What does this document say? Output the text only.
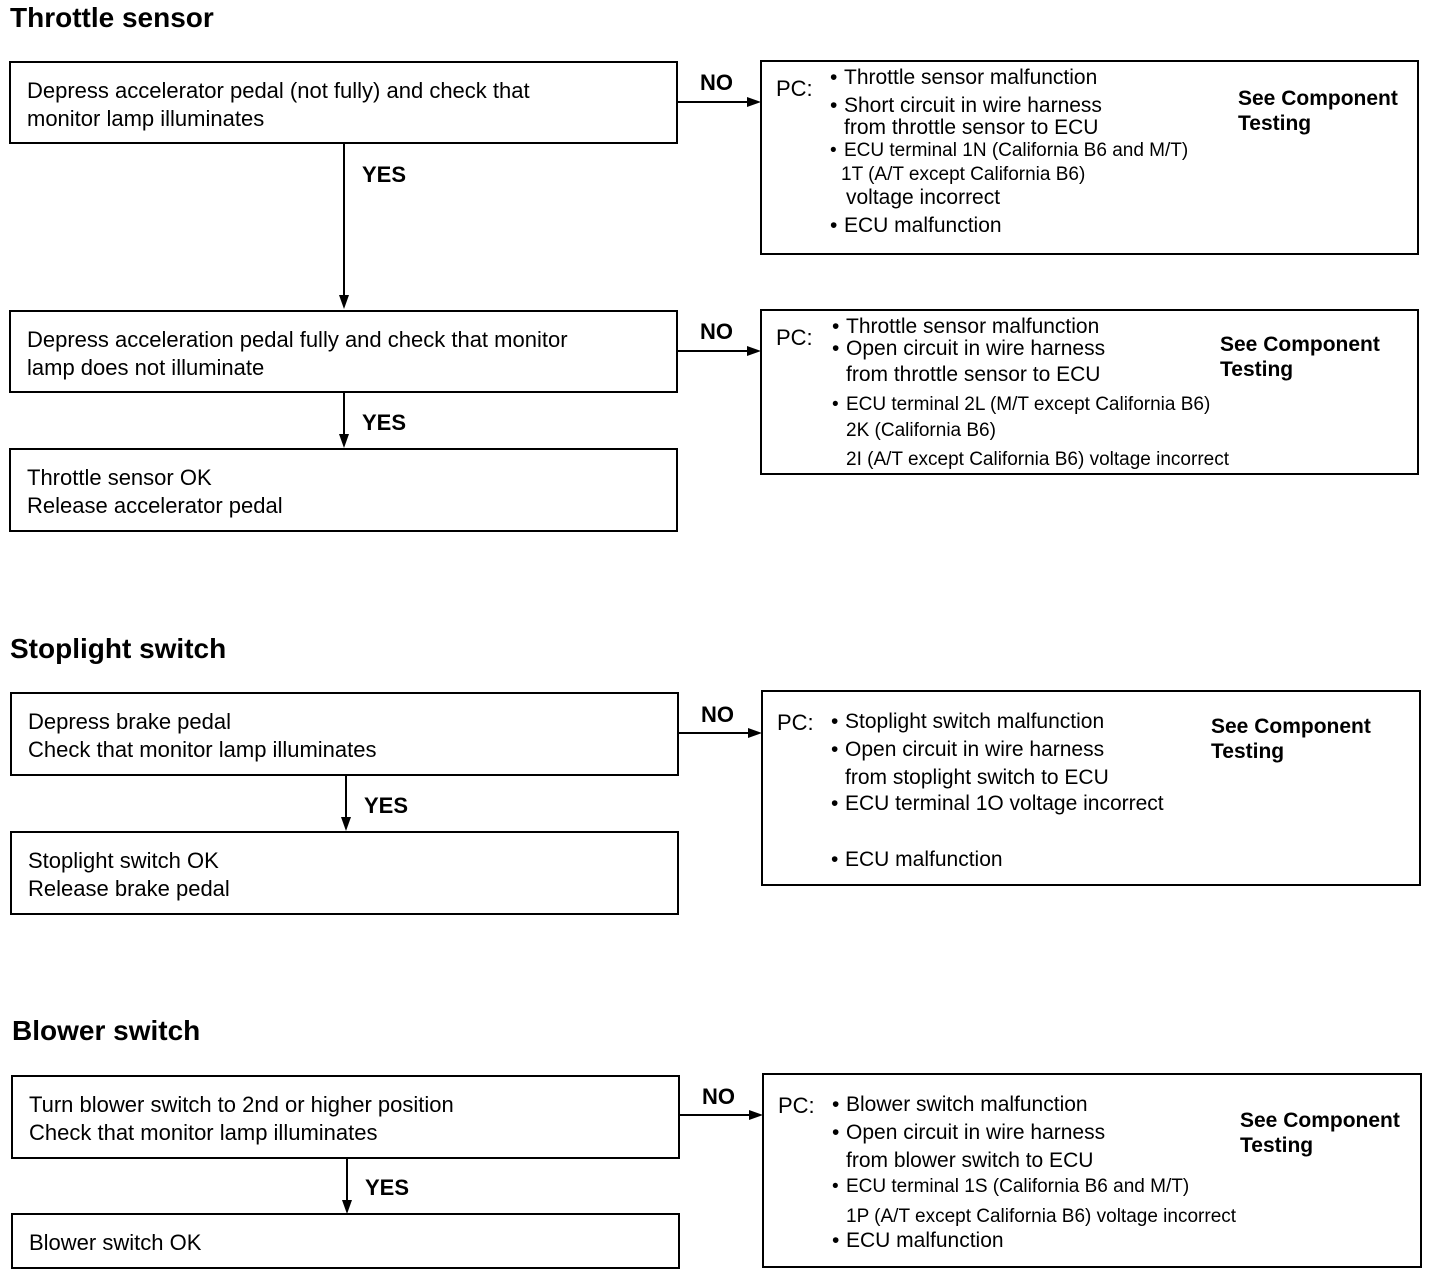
Throttle sensor
Depress accelerator pedal (not fully) and check that
monitor lamp illuminates
NO PC: • Throttle sensor malfunction
• Short circuit in wire harness
from throttle sensor to ECU
• ECU terminal 1N (California B6 and M/T)
1T (A/T except California B6)
voltage incorrect
• ECU malfunction
See Component
Testing
YES
Depress acceleration pedal fully and check that monitor
lamp does not illuminate
NO PC: • Throttle sensor malfunction
• Open circuit in wire harness
from throttle sensor to ECU
• ECU terminal 2L (M/T except California B6)
2K (California B6)
2I (A/T except California B6) voltage incorrect
See Component
Testing
YES
Throttle sensor OK
Release accelerator pedal
Stoplight switch
Depress brake pedal
Check that monitor lamp illuminates
NO PC: • Stoplight switch malfunction
• Open circuit in wire harness
from stoplight switch to ECU
• ECU terminal 1O voltage incorrect
• ECU malfunction
See Component
Testing
YES
Stoplight switch OK
Release brake pedal
Blower switch
Turn blower switch to 2nd or higher position
Check that monitor lamp illuminates
NO PC: • Blower switch malfunction
• Open circuit in wire harness
from blower switch to ECU
• ECU terminal 1S (California B6 and M/T)
1P (A/T except California B6) voltage incorrect
• ECU malfunction
See Component
Testing
YES
Blower switch OK
